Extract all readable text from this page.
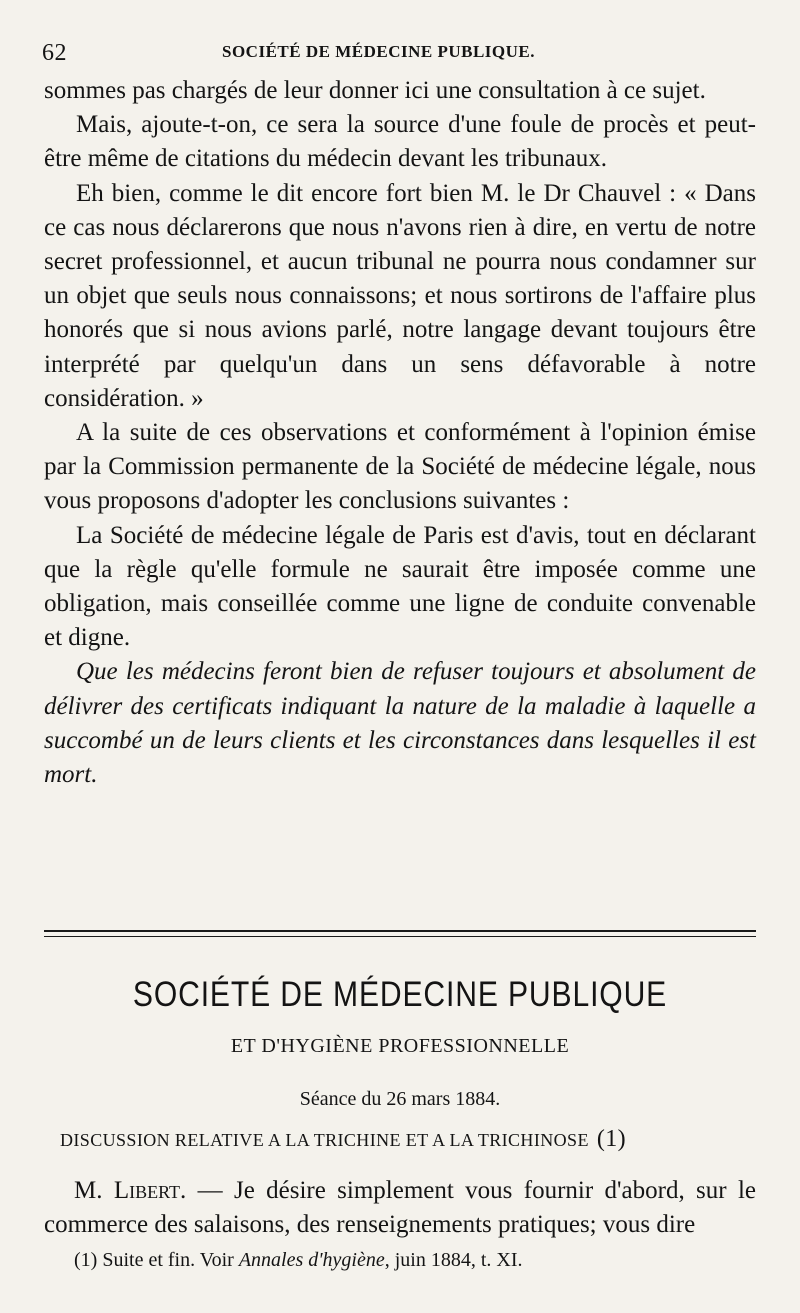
62	SOCIÉTÉ DE MÉDECINE PUBLIQUE.

sommes pas chargés de leur donner ici une consultation à ce sujet.

Mais, ajoute-t-on, ce sera la source d'une foule de procès et peut-être même de citations du médecin devant les tribunaux.

Eh bien, comme le dit encore fort bien M. le Dr Chauvel : « Dans ce cas nous déclarerons que nous n'avons rien à dire, en vertu de notre secret professionnel, et aucun tribunal ne pourra nous condamner sur un objet que seuls nous connaissons; et nous sortirons de l'affaire plus honorés que si nous avions parlé, notre langage devant toujours être interprété par quelqu'un dans un sens défavorable à notre considération. »

A la suite de ces observations et conformément à l'opinion émise par la Commission permanente de la Société de médecine légale, nous vous proposons d'adopter les conclusions suivantes :

La Société de médecine légale de Paris est d'avis, tout en déclarant que la règle qu'elle formule ne saurait être imposée comme une obligation, mais conseillée comme une ligne de conduite convenable et digne.

Que les médecins feront bien de refuser toujours et absolument de délivrer des certificats indiquant la nature de la maladie à laquelle a succombé un de leurs clients et les circonstances dans lesquelles il est mort.

SOCIÉTÉ DE MÉDECINE PUBLIQUE
ET D'HYGIÈNE PROFESSIONNELLE
Séance du 26 mars 1884.
DISCUSSION RELATIVE A LA TRICHINE ET A LA TRICHINOSE (1)

M. Libert. — Je désire simplement vous fournir d'abord, sur le commerce des salaisons, des renseignements pratiques; vous dire

(1) Suite et fin. Voir Annales d'hygiène, juin 1884, t. XI.
